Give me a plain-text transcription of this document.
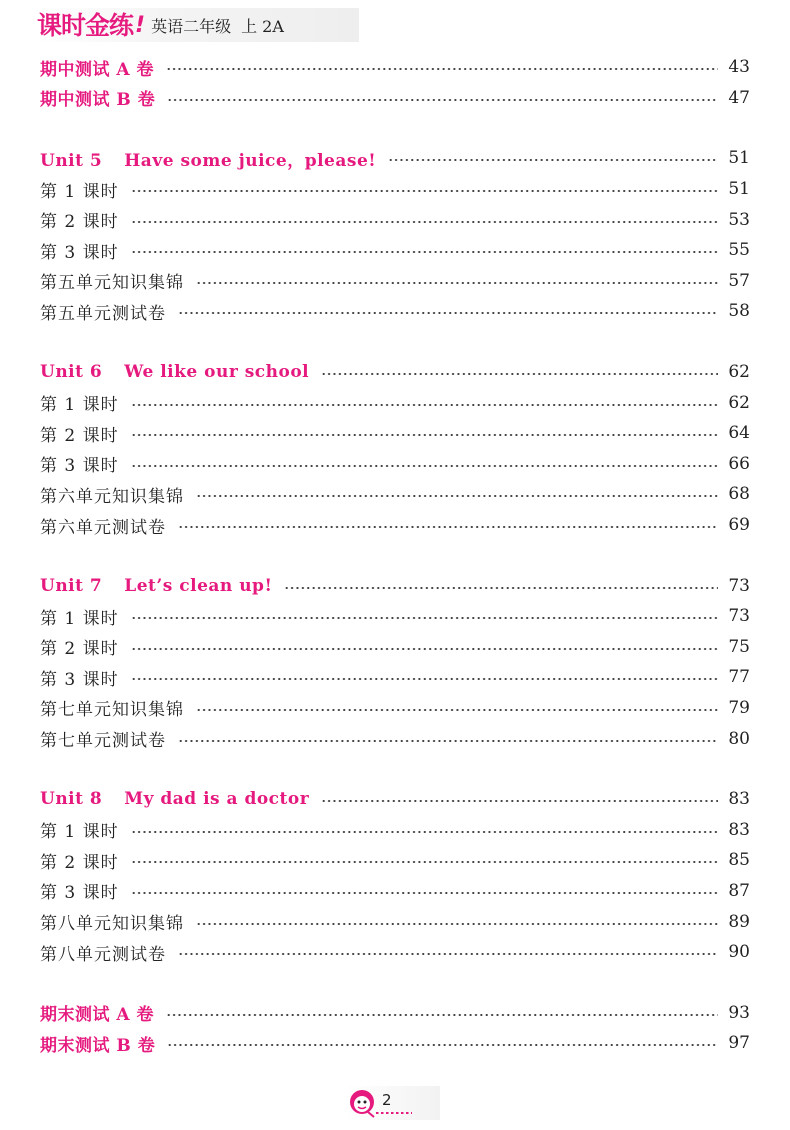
课时金练 ! 英语二年级 上 2A
期中测试 A 卷	43
期中测试 B 卷	47
Unit 5 Have some juice，please!	51
第 1 课时	51
第 2 课时	53
第 3 课时	55
第五单元知识集锦	57
第五单元测试卷	58
Unit 6 We like our school	62
第 1 课时	62
第 2 课时	64
第 3 课时	66
第六单元知识集锦	68
第六单元测试卷	69
Unit 7 Let’s clean up!	73
第 1 课时	73
第 2 课时	75
第 3 课时	77
第七单元知识集锦	79
第七单元测试卷	80
Unit 8 My dad is a doctor	83
第 1 课时	83
第 2 课时	85
第 3 课时	87
第八单元知识集锦	89
第八单元测试卷	90
期末测试 A 卷	93
期末测试 B 卷	97
2
